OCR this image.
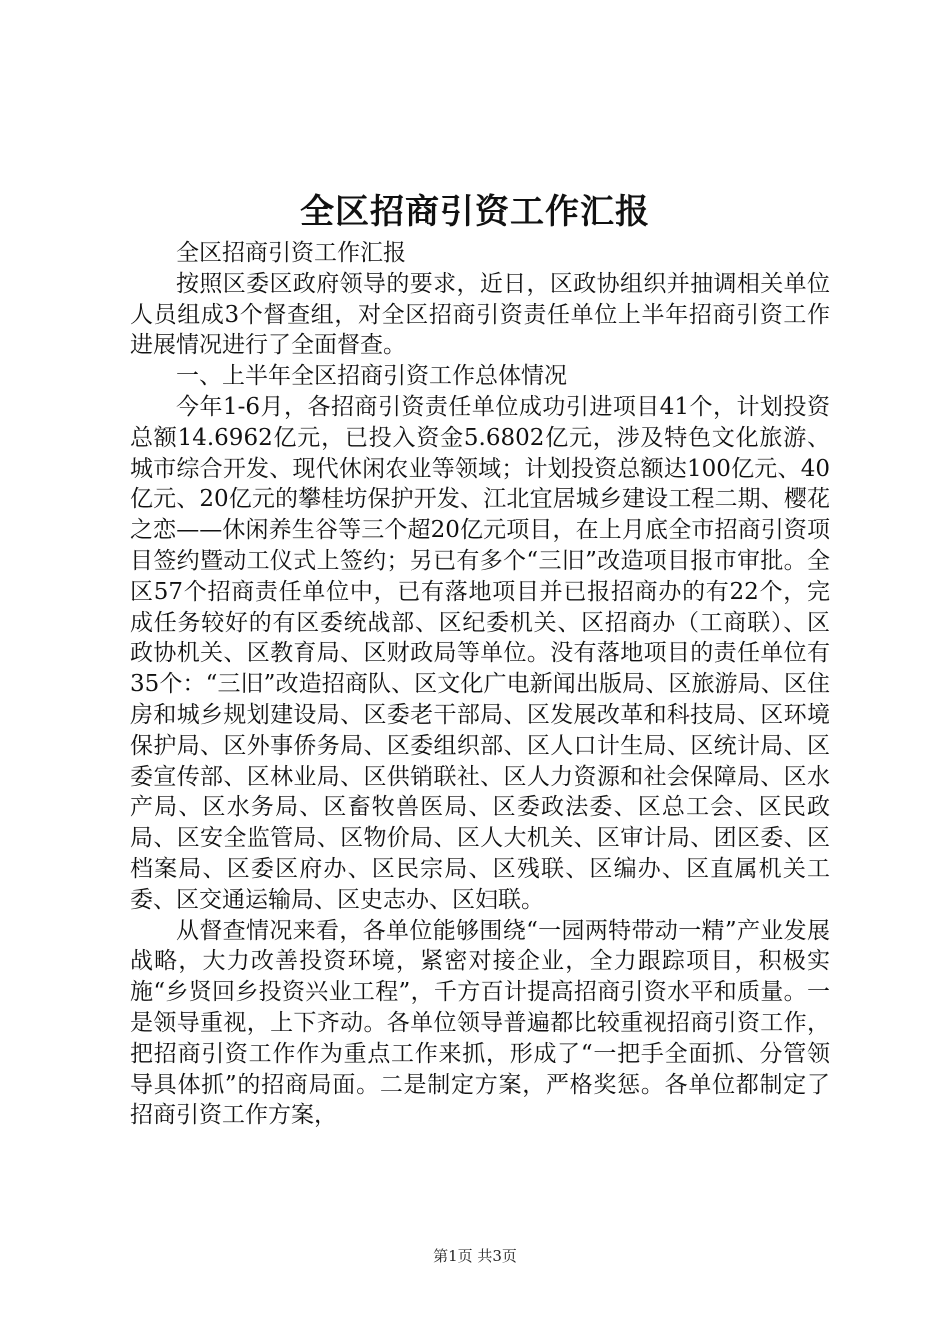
全区招商引资工作汇报

全区招商引资工作汇报

按照区委区政府领导的要求，近日，区政协组织并抽调相关单位人员组成3个督查组，对全区招商引资责任单位上半年招商引资工作进展情况进行了全面督查。

一、上半年全区招商引资工作总体情况

今年1-6月，各招商引资责任单位成功引进项目41个，计划投资总额14.6962亿元，已投入资金5.6802亿元，涉及特色文化旅游、城市综合开发、现代休闲农业等领域；计划投资总额达100亿元、40亿元、20亿元的攀桂坊保护开发、江北宜居城乡建设工程二期、樱花之恋——休闲养生谷等三个超20亿元项目，在上月底全市招商引资项目签约暨动工仪式上签约；另已有多个“三旧”改造项目报市审批。全区57个招商责任单位中，已有落地项目并已报招商办的有22个，完成任务较好的有区委统战部、区纪委机关、区招商办（工商联）、区政协机关、区教育局、区财政局等单位。没有落地项目的责任单位有35个：“三旧”改造招商队、区文化广电新闻出版局、区旅游局、区住房和城乡规划建设局、区委老干部局、区发展改革和科技局、区环境保护局、区外事侨务局、区委组织部、区人口计生局、区统计局、区委宣传部、区林业局、区供销联社、区人力资源和社会保障局、区水产局、区水务局、区畜牧兽医局、区委政法委、区总工会、区民政局、区安全监管局、区物价局、区人大机关、区审计局、团区委、区档案局、区委区府办、区民宗局、区残联、区编办、区直属机关工委、区交通运输局、区史志办、区妇联。

从督查情况来看，各单位能够围绕“一园两特带动一精”产业发展战略，大力改善投资环境，紧密对接企业，全力跟踪项目，积极实施“乡贤回乡投资兴业工程”，千方百计提高招商引资水平和质量。一是领导重视，上下齐动。各单位领导普遍都比较重视招商引资工作，把招商引资工作作为重点工作来抓，形成了“一把手全面抓、分管领导具体抓”的招商局面。二是制定方案，严格奖惩。各单位都制定了招商引资工作方案，

第1页 共3页
